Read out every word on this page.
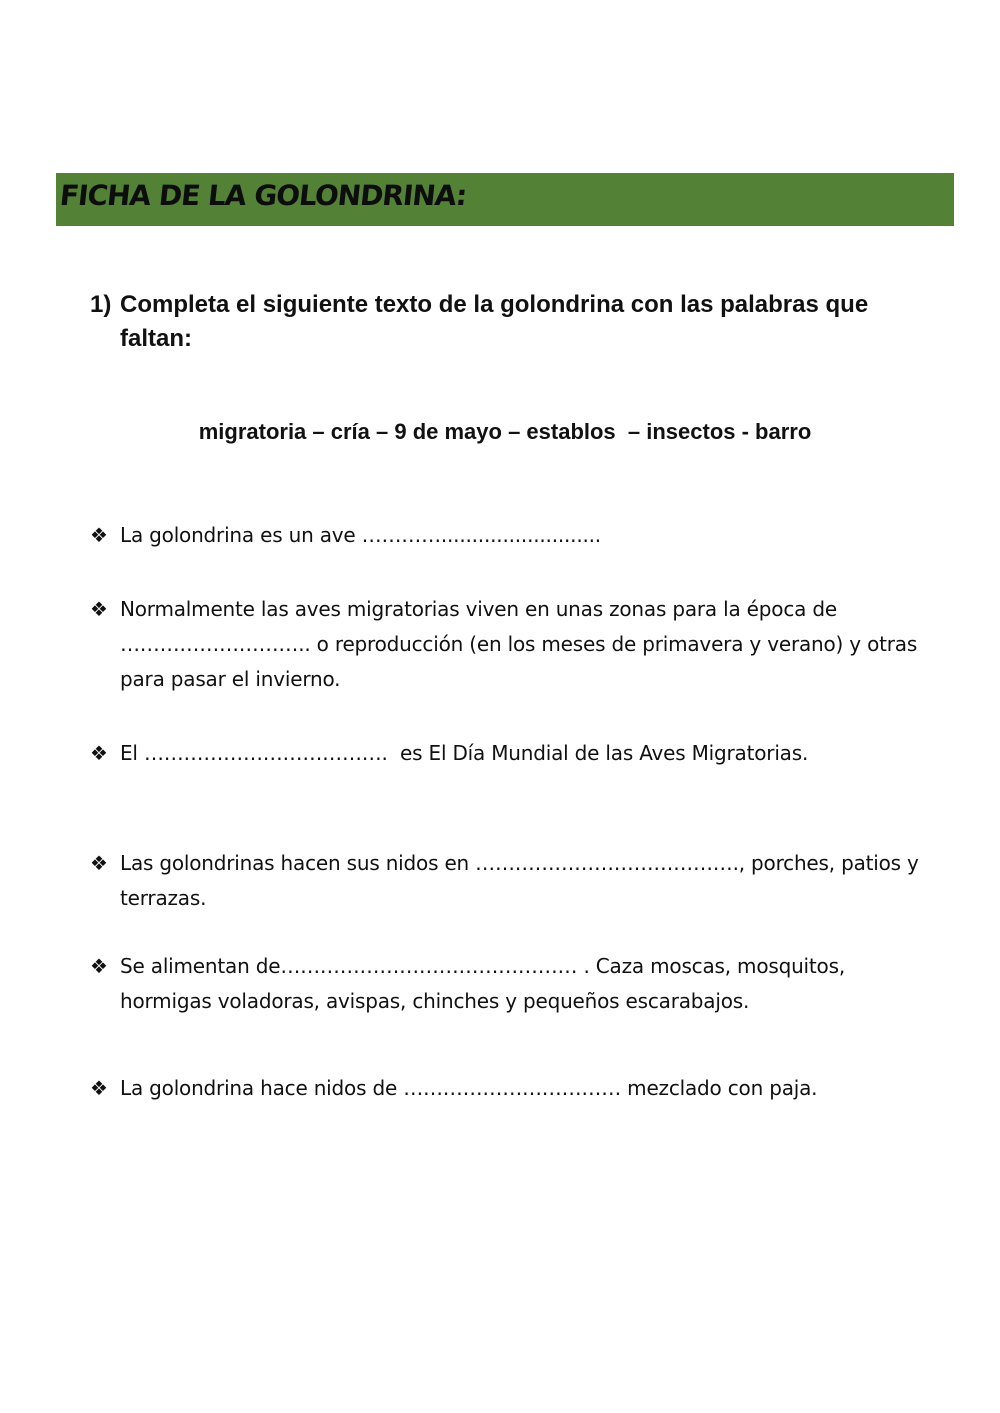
FICHA DE LA GOLONDRINA:
1) Completa el siguiente texto de la golondrina con las palabras que faltan:
migratoria – cría – 9 de mayo – establos  – insectos - barro
❖ La golondrina es un ave …………..........................
❖ Normalmente las aves migratorias viven en unas zonas para la época de ……………………….. o reproducción (en los meses de primavera y verano) y otras para pasar el invierno.
❖ El ……………………………….  es El Día Mundial de las Aves Migratorias.
❖ Las golondrinas hacen sus nidos en …………………………………., porches, patios y terrazas.
❖ Se alimentan de……………………………………… . Caza moscas, mosquitos, hormigas voladoras, avispas, chinches y pequeños escarabajos.
❖ La golondrina hace nidos de …………………………… mezclado con paja.
